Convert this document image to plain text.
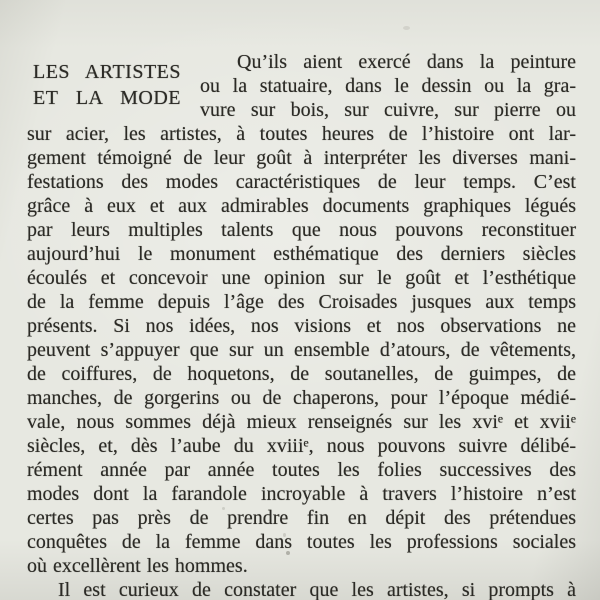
LES ARTISTES
ET LA MODE
Qu’ils aient exercé dans la peinture
ou la statuaire, dans le dessin ou la gra-
vure sur bois, sur cuivre, sur pierre ou
sur acier, les artistes, à toutes heures de l’histoire ont lar-
gement témoigné de leur goût à interpréter les diverses mani-
festations des modes caractéristiques de leur temps. C’est
grâce à eux et aux admirables documents graphiques légués
par leurs multiples talents que nous pouvons reconstituer
aujourd’hui le monument esthématique des derniers siècles
écoulés et concevoir une opinion sur le goût et l’esthétique
de la femme depuis l’âge des Croisades jusques aux temps
présents. Si nos idées, nos visions et nos observations ne
peuvent s’appuyer que sur un ensemble d’atours, de vêtements,
de coiffures, de hoquetons, de soutanelles, de guimpes, de
manches, de gorgerins ou de chaperons, pour l’époque médié-
vale, nous sommes déjà mieux renseignés sur les xviᵉ et xviiᵉ
siècles, et, dès l’aube du xviiiᵉ, nous pouvons suivre délibé-
rément année par année toutes les folies successives des
modes dont la farandole incroyable à travers l’histoire n’est
certes pas près de prendre fin en dépit des prétendues
conquêtes de la femme dans toutes les professions sociales
où excellèrent les hommes.
Il est curieux de constater que les artistes, si prompts à
